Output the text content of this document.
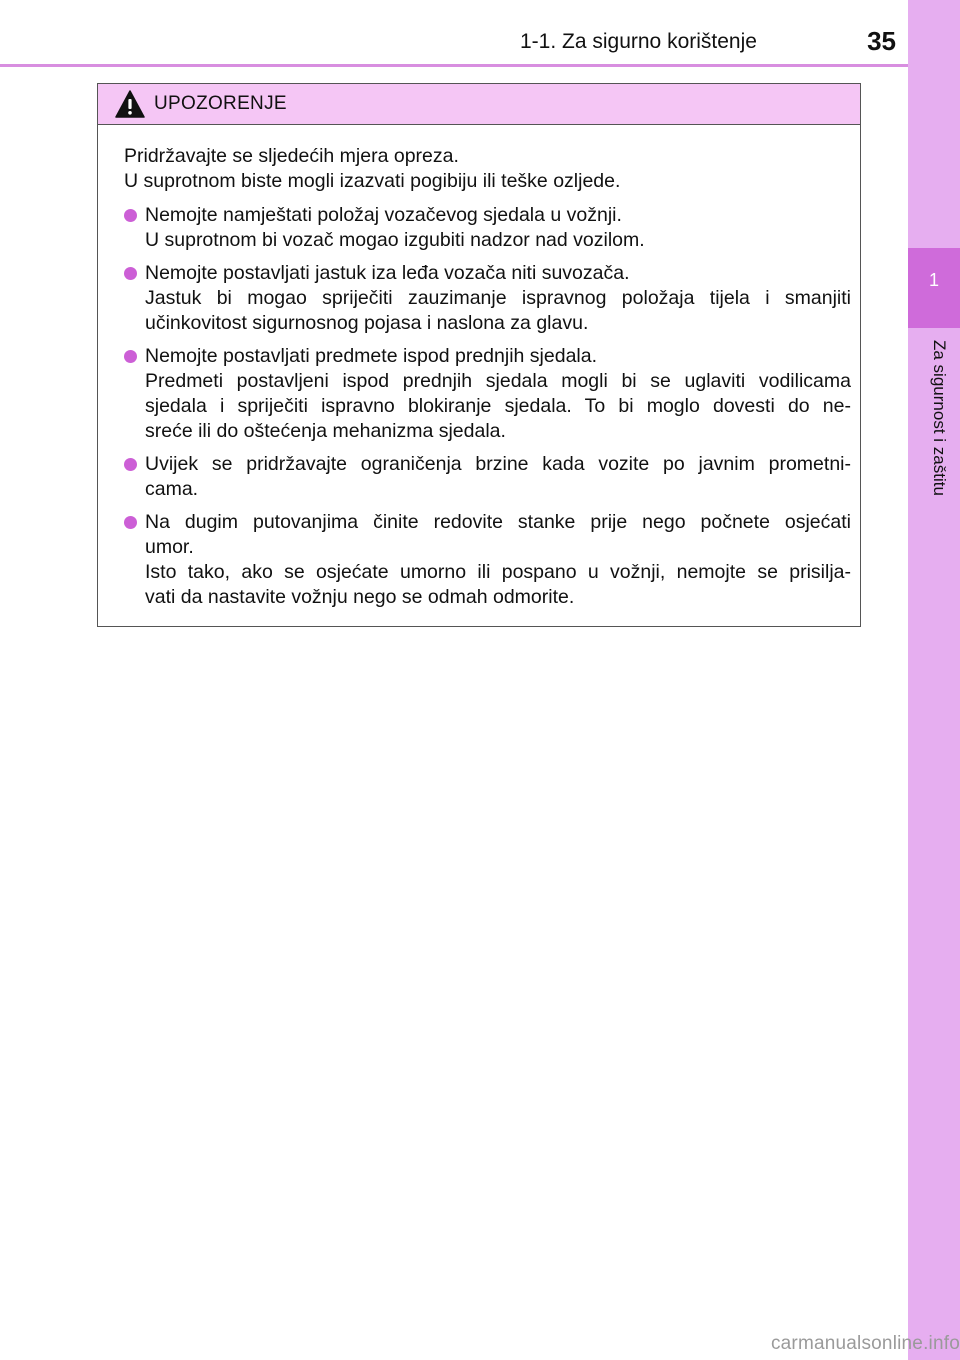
1-1. Za sigurno korištenje	35
1
Za sigurnost i zaštitu
UPOZORENJE

Pridržavajte se sljedećih mjera opreza.

U suprotnom biste mogli izazvati pogibiju ili teške ozljede.

Nemojte namještati položaj vozačevog sjedala u vožnji.
U suprotnom bi vozač mogao izgubiti nadzor nad vozilom.
Nemojte postavljati jastuk iza leđa vozača niti suvozača.
Jastuk bi mogao spriječiti zauzimanje ispravnog položaja tijela i smanjiti
učinkovitost sigurnosnog pojasa i naslona za glavu.
Nemojte postavljati predmete ispod prednjih sjedala.
Predmeti postavljeni ispod prednjih sjedala mogli bi se uglaviti vodilicama
sjedala i spriječiti ispravno blokiranje sjedala. To bi moglo dovesti do ne-
sreće ili do oštećenja mehanizma sjedala.
Uvijek se pridržavajte ograničenja brzine kada vozite po javnim prometni-
cama.
Na dugim putovanjima činite redovite stanke prije nego počnete osjećati
umor.
Isto tako, ako se osjećate umorno ili pospano u vožnji, nemojte se prisilja-
vati da nastavite vožnju nego se odmah odmorite.
carmanualsonline.info
